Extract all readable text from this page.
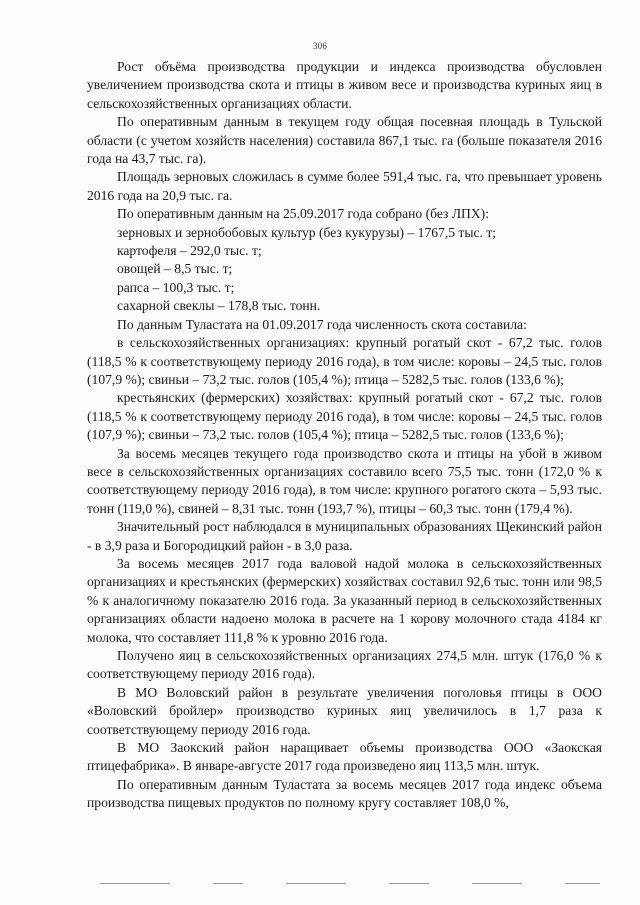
306

Рост объёма производства продукции и индекса производства обусловлен увеличением производства скота и птицы в живом весе и производства куриных яиц в сельскохозяйственных организациях области.

По оперативным данным в текущем году общая посевная площадь в Тульской области (с учетом хозяйств населения) составила 867,1 тыс. га (больше показателя 2016 года на 43,7 тыс. га).

Площадь зерновых сложилась в сумме более 591,4 тыс. га, что превышает уровень 2016 года на 20,9 тыс. га.

По оперативным данным на 25.09.2017 года собрано (без ЛПХ):

зерновых и зернобобовых культур (без кукурузы) – 1767,5 тыс. т;

картофеля – 292,0 тыс. т;

овощей – 8,5 тыс. т;

рапса – 100,3 тыс. т;

сахарной свеклы – 178,8 тыс. тонн.

По данным Туластата на 01.09.2017 года численность скота составила:

в сельскохозяйственных организациях: крупный рогатый скот - 67,2 тыс. голов (118,5 % к соответствующему периоду 2016 года), в том числе: коровы – 24,5 тыс. голов (107,9 %); свиньи – 73,2 тыс. голов (105,4 %); птица – 5282,5 тыс. голов (133,6 %);

крестьянских (фермерских) хозяйствах: крупный рогатый скот - 67,2 тыс. голов (118,5 % к соответствующему периоду 2016 года), в том числе: коровы – 24,5 тыс. голов (107,9 %); свиньи – 73,2 тыс. голов (105,4 %); птица – 5282,5 тыс. голов (133,6 %);

За восемь месяцев текущего года производство скота и птицы на убой в живом весе в сельскохозяйственных организациях составило всего 75,5 тыс. тонн (172,0 % к соответствующему периоду 2016 года), в том числе: крупного рогатого скота – 5,93 тыс. тонн (119,0 %), свиней – 8,31 тыс. тонн (193,7 %), птицы – 60,3 тыс. тонн (179,4 %).

Значительный рост наблюдался в муниципальных образованиях Щекинский район - в 3,9 раза и Богородицкий район - в 3,0 раза.

За восемь месяцев 2017 года валовой надой молока в сельскохозяйственных организациях и крестьянских (фермерских) хозяйствах составил 92,6 тыс. тонн или 98,5 % к аналогичному показателю 2016 года. За указанный период в сельскохозяйственных организациях области надоено молока в расчете на 1 корову молочного стада 4184 кг молока, что составляет 111,8 % к уровню 2016 года.

Получено яиц в сельскохозяйственных организациях 274,5 млн. штук (176,0 % к соответствующему периоду 2016 года).

В МО Воловский район в результате увеличения поголовья птицы в ООО «Воловский бройлер» производство куриных яиц увеличилось в 1,7 раза к соответствующему периоду 2016 года.

В МО Заокский район наращивает объемы производства ООО «Заокская птицефабрика». В январе-августе 2017 года произведено яиц 113,5 млн. штук.

По оперативным данным Туластата за восемь месяцев 2017 года индекс объема производства пищевых продуктов по полному кругу составляет 108,0 %,
